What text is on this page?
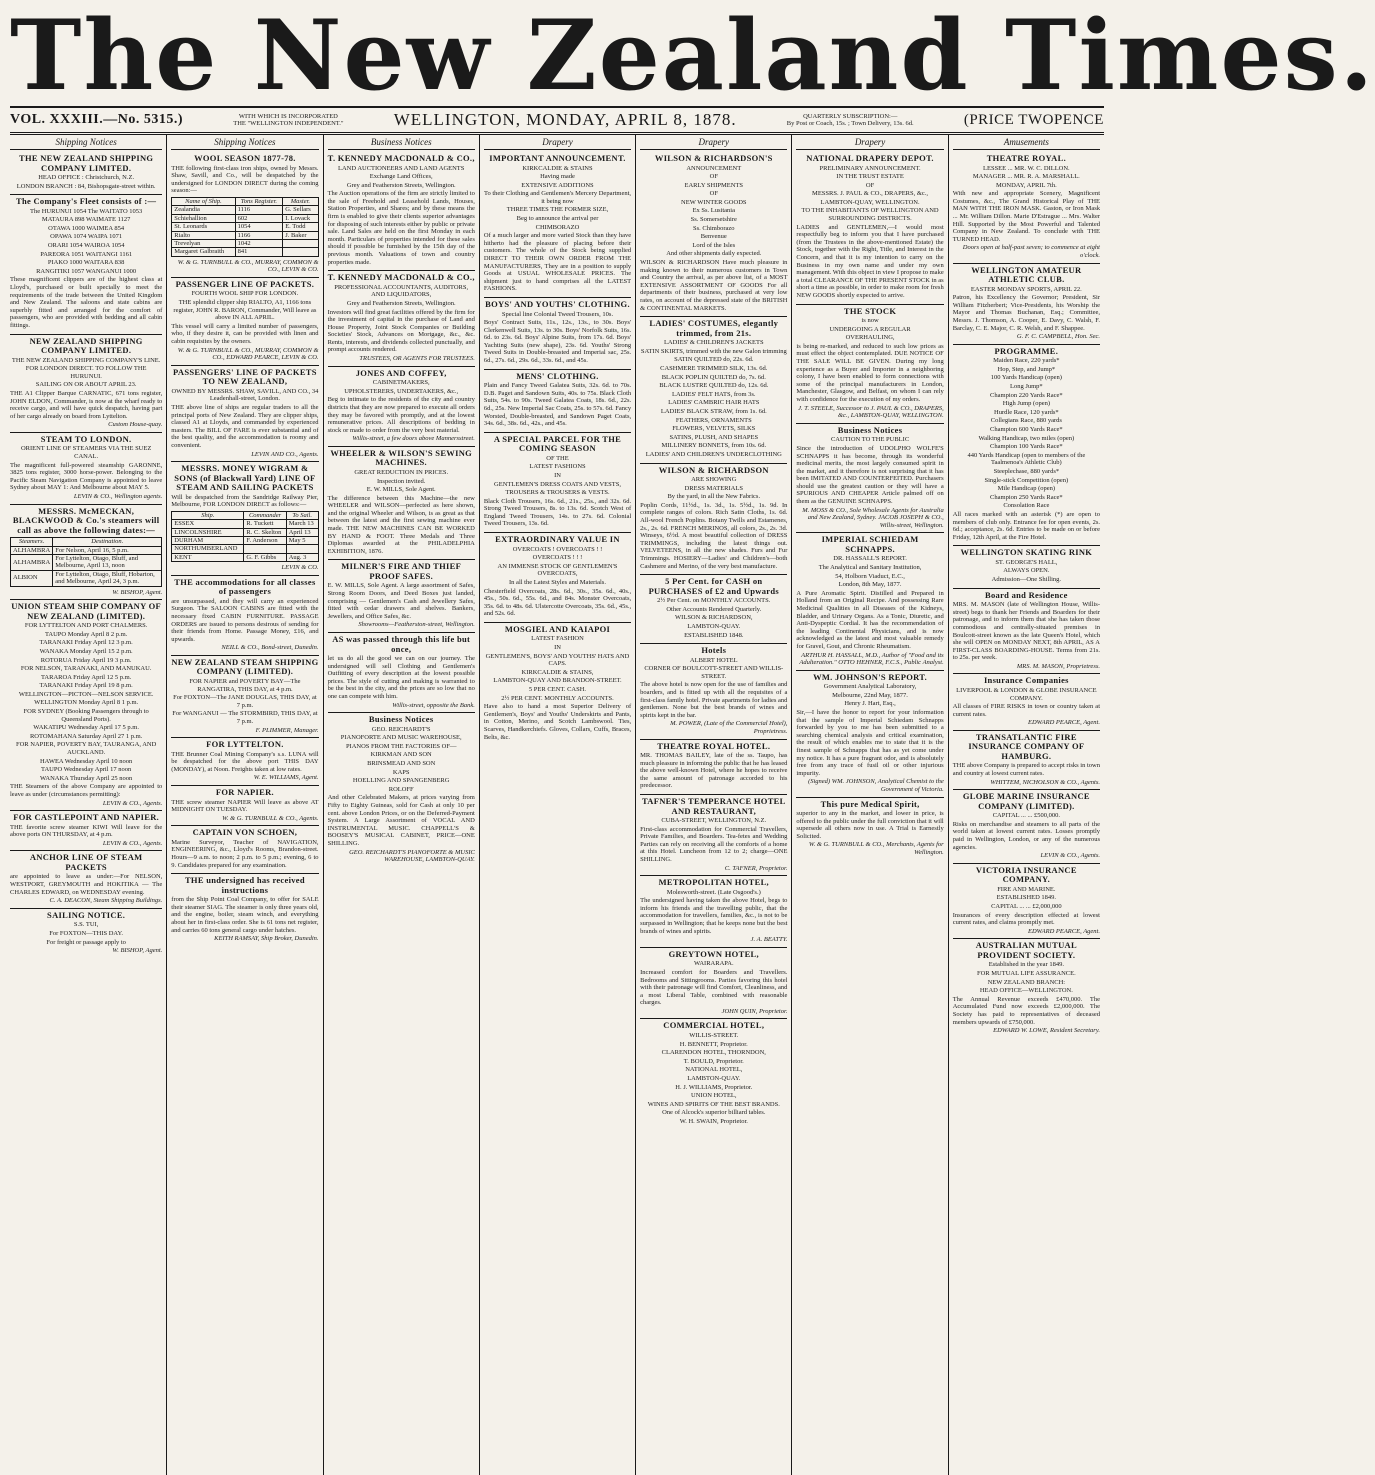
The New Zealand Times.
VOL. XXXIII.—No. 5315.)	WITH WHICH IS INCORPORATED
THE "WELLINGTON INDEPENDENT."	WELLINGTON, MONDAY, APRIL 8, 1878.	QUARTERLY SUBSCRIPTION:—
By Post or Coach, 15s. ; Town Delivery, 13s. 6d.	(PRICE TWOPENCE
Shipping Notices
THE NEW ZEALAND SHIPPING COMPANY LIMITED.
HEAD OFFICE : Christchurch, N.Z.
LONDON BRANCH : 84, Bishopsgate-street within.
The Company's Fleet consists of :—
The HURUNUI 1054 The WAITATO 1053
MATAURA 898 WAIMATE 1127
OTAWA 1000 WAIMEA 854
OPAWA 1074 WAIPA 1071
ORARI 1054 WAIROA 1054
PAREORA 1051 WAITANGI 1161
PIAKO 1000 WAITARA 838
RANGITIKI 1057 WANGANUI 1000
These magnificent clippers are of the highest class at Lloyd's, purchased or built specially to meet the requirements of the trade between the United Kingdom and New Zealand. The saloons and state cabins are superbly fitted and arranged for the comfort of passengers, who are provided with bedding and all cabin fittings.
NEW ZEALAND SHIPPING COMPANY LIMITED.
THE NEW ZEALAND SHIPPING COMPANY'S LINE.
FOR LONDON DIRECT. TO FOLLOW THE HURUNUI.
SAILING ON OR ABOUT APRIL 23.
THE A1 Clipper Barque CARNATIC, 671 tons register, JOHN ELDON, Commander, is now at the wharf ready to receive cargo, and will have quick despatch, having part of her cargo already on board from Lyttelton.
Custom House-quay.
STEAM TO LONDON.
ORIENT LINE OF STEAMERS VIA THE SUEZ CANAL.
The magnificent full-powered steamship GARONNE, 3825 tons register, 3000 horse-power. Belonging to the Pacific Steam Navigation Company is appointed to leave Sydney about MAY 1: And Melbourne about MAY 5.
LEVIN & CO., Wellington agents.
MESSRS. McMECKAN, BLACKWOOD & Co.'s steamers will call as above the following dates:—
Steamers.	Destination.
ALHAMBRA	For Nelson, April 16, 5 p.m.
ALHAMBRA	For Lyttelton, Otago, Bluff, and Melbourne, April 13, noon
ALBION	For Lyttelton, Otago, Bluff, Hobarton, and Melbourne, April 24, 3 p.m.
W. BISHOP, Agent.
UNION STEAM SHIP COMPANY OF NEW ZEALAND (LIMITED).
FOR LYTTELTON AND PORT CHALMERS.
TAUPO Monday April 8 2 p.m.
TARANAKI Friday April 12 3 p.m.
WANAKA Monday April 15 2 p.m.
ROTORUA Friday April 19 3 p.m.
FOR NELSON, TARANAKI, AND MANUKAU.
TARAROA Friday April 12 5 p.m.
TARANAKI Friday April 19 8 p.m.
WELLINGTON—PICTON—NELSON SERVICE.
WELLINGTON Monday April 8 1 p.m.
FOR SYDNEY (Booking Passengers through to Queensland Ports).
WAKATIPU Wednesday April 17 5 p.m.
ROTOMAHANA Saturday April 27 1 p.m.
FOR NAPIER, POVERTY BAY, TAURANGA, AND AUCKLAND.
HAWEA Wednesday April 10 noon
TAUPO Wednesday April 17 noon
WANAKA Thursday April 25 noon
THE Steamers of the above Company are appointed to leave as under (circumstances permitting):
LEVIN & CO., Agents.
FOR CASTLEPOINT AND NAPIER.
THE favorite screw steamer KIWI Will leave for the above ports ON THURSDAY, at 4 p.m.
LEVIN & CO., Agents.
ANCHOR LINE OF STEAM PACKETS
are appointed to leave as under:—For NELSON, WESTPORT, GREYMOUTH and HOKITIKA — The CHARLES EDWARD, on WEDNESDAY evening.
C. A. DEACON, Steam Shipping Buildings.
SAILING NOTICE.
S.S. TUI,
For FOXTON—THIS DAY.
For freight or passage apply to
W. BISHOP, Agent.
Shipping Notices
WOOL SEASON 1877-78.
THE following first-class iron ships, owned by Messrs. Shaw, Savill, and Co., will be despatched by the undersigned for LONDON DIRECT during the coming season:—
Name of Ship.	Tons Register.	Master.
Zealandia	1116	G. Sellars
Schiehallion	602	I. Lovack
St. Leonards	1054	E. Todd
Rialto	1166	J. Baker
Trevelyan	1042	
Margaret Galbraith	841	
W. & G. TURNBULL & CO., MURRAY, COMMON & CO., LEVIN & CO.
PASSENGER LINE OF PACKETS.
FOURTH WOOL SHIP FOR LONDON.
THE splendid clipper ship RIALTO, A1, 1166 tons register, JOHN R. BARON, Commander, Will leave as above IN ALL APRIL.
This vessel will carry a limited number of passengers, who, if they desire it, can be provided with linen and cabin requisites by the owners.
W. & G. TURNBULL & CO., MURRAY, COMMON & CO., EDWARD PEARCE, LEVIN & CO.
PASSENGERS' LINE OF PACKETS TO NEW ZEALAND,
OWNED BY MESSRS. SHAW, SAVILL, AND CO., 34 Leadenhall-street, London.
THE above line of ships are regular traders to all the principal ports of New Zealand. They are clipper ships, classed A1 at Lloyds, and commanded by experienced masters. The BILL OF FARE is ever substantial and of the best quality, and the accommodation is roomy and convenient.
LEVIN AND CO., Agents.
MESSRS. MONEY WIGRAM & SONS (of Blackwall Yard) LINE OF STEAM AND SAILING PACKETS
Will be despatched from the Sandridge Railway Pier, Melbourne, FOR LONDON DIRECT as follows:—
Ship.	Commander	To Sail.
ESSEX	R. Tuckett	March 13
LINCOLNSHIRE	R. C. Skelton	April 13
DURHAM	F. Anderson	May 5
NORTHUMBERLAND		
KENT	G. F. Gibbs	Aug. 3
LEVIN & CO.
THE accommodations for all classes of passengers
are unsurpassed, and they will carry an experienced Surgeon. The SALOON CABINS are fitted with the necessary fixed CABIN FURNITURE. PASSAGE ORDERS are issued to persons desirous of sending for their friends from Home. Passage Money, £16, and upwards.
NEILL & CO., Bond-street, Dunedin.
NEW ZEALAND STEAM SHIPPING COMPANY (LIMITED).
FOR NAPIER and POVERTY BAY—The RANGATIRA, THIS DAY, at 4 p.m.
For FOXTON—The JANE DOUGLAS, THIS DAY, at 7 p.m.
For WANGANUI — The STORMBIRD, THIS DAY, at 7 p.m.
F. PLIMMER, Manager.
FOR LYTTELTON.
THE Brunner Coal Mining Company's s.s. LUNA will be despatched for the above port THIS DAY (MONDAY), at Noon. Freights taken at low rates.
W. E. WILLIAMS, Agent.
FOR NAPIER.
THE screw steamer NAPIER Will leave as above AT MIDNIGHT ON TUESDAY.
W. & G. TURNBULL & CO., Agents.
CAPTAIN VON SCHOEN,
Marine Surveyor, Teacher of NAVIGATION, ENGINEERING, &c., Lloyd's Rooms, Brandon-street. Hours—9 a.m. to noon; 2 p.m. to 5 p.m.; evening, 6 to 9. Candidates prepared for any examination.
THE undersigned has received instructions
from the Ship Point Coal Company, to offer for SALE their steamer SIAG. The steamer is only three years old, and the engine, boiler, steam winch, and everything about her in first-class order. She is 61 tons net register, and carries 60 tons general cargo under hatches.
KEITH RAMSAY, Ship Broker, Dunedin.
Business Notices
T. KENNEDY MACDONALD & CO.,
LAND AUCTIONEERS AND LAND AGENTS
Exchange Land Offices,
Grey and Featherston Streets, Wellington.
The Auction operations of the firm are strictly limited to the sale of Freehold and Leasehold Lands, Houses, Station Properties, and Shares; and by these means the firm is enabled to give their clients superior advantages for disposing of such interests either by public or private sale. Land Sales are held on the first Monday in each month. Particulars of properties intended for these sales should if possible be furnished by the 15th day of the previous month. Valuations of town and country properties made.
T. KENNEDY MACDONALD & CO.,
PROFESSIONAL ACCOUNTANTS, AUDITORS, AND LIQUIDATORS,
Grey and Featherston Streets, Wellington.
Investors will find great facilities offered by the firm for the investment of capital in the purchase of Land and House Property, Joint Stock Companies or Building Societies' Stock, Advances on Mortgage, &c., &c. Rents, interests, and dividends collected punctually, and prompt accounts rendered.
TRUSTEES, OR AGENTS FOR TRUSTEES.
JONES AND COFFEY,
CABINETMAKERS,
UPHOLSTERERS, UNDERTAKERS, &c.,
Beg to intimate to the residents of the city and country districts that they are now prepared to execute all orders they may be favored with promptly, and at the lowest remunerative prices. All descriptions of bedding in stock or made to order from the very best material.
Willis-street, a few doors above Mannersstreet.
WHEELER & WILSON'S SEWING MACHINES.
GREAT REDUCTION IN PRICES.
Inspection invited.
E. W. MILLS, Sole Agent.
The difference between this Machine—the new WHEELER and WILSON—perfected as here shown, and the original Wheeler and Wilson, is as great as that between the latest and the first sewing machine ever made. THE NEW MACHINES CAN BE WORKED BY HAND & FOOT. Three Medals and Three Diplomas awarded at the PHILADELPHIA EXHIBITION, 1876.
MILNER'S FIRE AND THIEF PROOF SAFES.
E. W. MILLS, Sole Agent. A large assortment of Safes, Strong Room Doors, and Deed Boxes just landed, comprising — Gentlemen's Cash and Jewellery Safes, fitted with cedar drawers and shelves. Bankers, Jewellers, and Office Safes, &c.
Showrooms—Featherston-street, Wellington.
AS was passed through this life but once,
let us do all the good we can on our journey. The undersigned will sell Clothing and Gentlemen's Outfitting of every description at the lowest possible prices. The style of cutting and making is warranted to be the best in the city, and the prices are so low that no one can compete with him.
Willis-street, opposite the Bank.
Business Notices
GEO. REICHARDT'S
PIANOFORTE AND MUSIC WAREHOUSE,
PIANOS FROM THE FACTORIES OF—
KIRKMAN AND SON
BRINSMEAD AND SON
KAPS
HOELLING AND SPANGENBERG
ROLOFF
And other Celebrated Makers, at prices varying from Fifty to Eighty Guineas, sold for Cash at only 10 per cent. above London Prices, or on the Deferred-Payment System. A Large Assortment of VOCAL AND INSTRUMENTAL MUSIC. CHAPPELL'S & BOOSEY'S MUSICAL CABINET, PRICE—ONE SHILLING.
GEO. REICHARDT'S PIANOFORTE & MUSIC WAREHOUSE, LAMBTON-QUAY.
Drapery
IMPORTANT ANNOUNCEMENT.
KIRKCALDIE & STAINS
Having made
EXTENSIVE ADDITIONS
To their Clothing and Gentlemen's Mercery Department, it being now
THREE TIMES THE FORMER SIZE,
Beg to announce the arrival per
CHIMBORAZO
Of a much larger and more varied Stock than they have hitherto had the pleasure of placing before their customers. The whole of the Stock being supplied DIRECT TO THEIR OWN ORDER FROM THE MANUFACTURERS, They are in a position to supply Goods at USUAL WHOLESALE PRICES. The shipment just to hand comprises all the LATEST FASHIONS.
BOYS' AND YOUTHS' CLOTHING.
Special line Colonial Tweed Trousers, 10s.
Boys' Contract Suits, 11s., 12s., 13s., to 30s. Boys' Clerkenwell Suits, 13s. to 30s. Boys' Norfolk Suits, 16s. 6d. to 23s. 6d. Boys' Alpine Suits, from 17s. 6d. Boys' Yachting Suits (new shape), 23s. 6d. Youths' Strong Tweed Suits in Double-breasted and Imperial sac, 25s. 6d., 27s. 6d., 29s. 6d., 33s. 6d., and 45s.
MENS' CLOTHING.
Plain and Fancy Tweed Galatea Suits, 32s. 6d. to 70s. D.B. Paget and Sandown Suits, 40s. to 75s. Black Cloth Suits, 54s. to 90s. Tweed Galatea Coats, 18s. 6d., 22s. 6d., 25s. New Imperial Sac Coats, 25s. to 57s. 6d. Fancy Worsted, Double-breasted, and Sandown Paget Coats, 34s. 6d., 38s. 6d., 42s., and 45s.
A SPECIAL PARCEL FOR THE COMING SEASON
OF THE
LATEST FASHIONS
IN
GENTLEMEN'S DRESS COATS AND VESTS,
TROUSERS & TROUSERS & VESTS.
Black Cloth Trousers, 16s. 6d., 21s., 25s., and 32s. 6d. Strong Tweed Trousers, 8s. to 13s. 6d. Scotch West of England Tweed Trousers, 14s. to 27s. 6d. Colonial Tweed Trousers, 13s. 6d.
EXTRAORDINARY VALUE IN
OVERCOATS ! OVERCOATS ! !
OVERCOATS ! ! !
AN IMMENSE STOCK OF GENTLEMEN'S OVERCOATS,
In all the Latest Styles and Materials.
Chesterfield Overcoats, 28s. 6d., 30s., 35s. 6d., 40s., 45s., 50s. 6d., 55s. 6d., and 84s. Monster Overcoats, 35s. 6d. to 48s. 6d. Ulstercotte Overcoats, 35s. 6d., 45s., and 52s. 6d.
MOSGIEL AND KAIAPOI
LATEST FASHION
IN
GENTLEMEN'S, BOYS' AND YOUTHS' HATS AND CAPS.
KIRKCALDIE & STAINS,
LAMBTON-QUAY AND BRANDON-STREET.
5 PER CENT. CASH.
2½ PER CENT. MONTHLY ACCOUNTS.
Have also to hand a most Superior Delivery of Gentlemen's, Boys' and Youths' Underskirts and Pants, in Cotton, Merino, and Scotch Lambswool. Ties, Scarves, Handkerchiefs. Gloves, Collars, Cuffs, Braces, Belts, &c.
Drapery
WILSON & RICHARDSON'S
ANNOUNCEMENT
OF
EARLY SHIPMENTS
OF
NEW WINTER GOODS
Ex Ss. Lusitania
Ss. Somersetshire
Ss. Chimborazo
Benvenue
Lord of the Isles
And other shipments daily expected.
WILSON & RICHARDSON Have much pleasure in making known to their numerous customers in Town and Country the arrival, as per above list, of a MOST EXTENSIVE ASSORTMENT OF GOODS For all departments of their business, purchased at very low rates, on account of the depressed state of the BRITISH & CONTINENTAL MARKETS.
LADIES' COSTUMES, elegantly trimmed, from 21s.
LADIES' & CHILDREN'S JACKETS
SATIN SKIRTS, trimmed with the new Galon trimming
SATIN QUILTED do, 22s. 6d.
CASHMERE TRIMMED SILK, 13s. 6d.
BLACK POPLIN QUILTED do, 7s. 6d.
BLACK LUSTRE QUILTED do, 12s. 6d.
LADIES' FELT HATS, from 3s.
LADIES' CAMBRIC HAIR HATS
LADIES' BLACK STRAW, from 1s. 6d.
FEATHERS, ORNAMENTS
FLOWERS, VELVETS, SILKS
SATINS, PLUSH, AND SHAPES
MILLINERY BONNETS, from 10s. 6d.
LADIES' AND CHILDREN'S UNDERCLOTHING
WILSON & RICHARDSON
ARE SHOWING
DRESS MATERIALS
By the yard, in all the New Fabrics.
Poplin Cords, 11½d., 1s. 3d., 1s. 5½d., 1s. 9d. In complete ranges of colors. Rich Satin Cloths, 1s. 6d. All-wool French Poplins. Botany Twills and Estamenes, 2s., 2s. 6d. FRENCH MERINOS, all colors, 2s., 2s. 3d. Winseys, 6½d. A most beautiful collection of DRESS TRIMMINGS, including the latest things out. VELVETEENS, in all the new shades. Furs and Fur Trimmings. HOSIERY—Ladies' and Children's—both Cashmere and Merino, of the very best manufacture.
5 Per Cent. for CASH on PURCHASES of £2 and Upwards
2½ Per Cent. on MONTHLY ACCOUNTS.
Other Accounts Rendered Quarterly.
WILSON & RICHARDSON,
LAMBTON-QUAY.
ESTABLISHED 1848.
Hotels
ALBERT HOTEL
CORNER OF BOULCOTT-STREET AND WILLIS-STREET.
The above hotel is now open for the use of families and boarders, and is fitted up with all the requisites of a first-class family hotel. Private apartments for ladies and gentlemen. None but the best brands of wines and spirits kept in the bar.
M. POWER, (Late of the Commercial Hotel), Proprietress.
THEATRE ROYAL HOTEL.
MR. THOMAS BAILEY, late of the ss. Taupo, has much pleasure in informing the public that he has leased the above well-known Hotel, where he hopes to receive the same amount of patronage accorded to his predecessor.
TAFNER'S TEMPERANCE HOTEL AND RESTAURANT,
CUBA-STREET, WELLINGTON, N.Z.
First-class accommodation for Commercial Travellers, Private Families, and Boarders. Tea-fetes and Wedding Parties can rely on receiving all the comforts of a home at this Hotel. Luncheon from 12 to 2; charge—ONE SHILLING.
C. TAFNER, Proprietor.
METROPOLITAN HOTEL,
Molesworth-street. (Late Osgood's.)
The undersigned having taken the above Hotel, begs to inform his friends and the travelling public, that the accommodation for travellers, families, &c., is not to be surpassed in Wellington; that he keeps none but the best brands of wines and spirits.
J. A. BEATTY.
GREYTOWN HOTEL,
WAIRARAPA.
Increased comfort for Boarders and Travellers. Bedrooms and Sittingrooms. Parties favoring this hotel with their patronage will find Comfort, Cleanliness, and a most Liberal Table, combined with reasonable charges.
JOHN QUIN, Proprietor.
COMMERCIAL HOTEL,
WILLIS-STREET.
H. BENNETT, Proprietor.
CLARENDON HOTEL, THORNDON,
T. BOULD, Proprietor.
NATIONAL HOTEL,
LAMBTON-QUAY.
H. J. WILLIAMS, Proprietor.
UNION HOTEL,
WINES AND SPIRITS OF THE BEST BRANDS.
One of Alcock's superior billiard tables.
W. H. SWAIN, Proprietor.
Drapery
NATIONAL DRAPERY DEPOT.
PRELIMINARY ANNOUNCEMENT.
IN THE TRUST ESTATE
OF
MESSRS. J. PAUL & CO., DRAPERS, &c.,
LAMBTON-QUAY, WELLINGTON.
TO THE INHABITANTS OF WELLINGTON AND SURROUNDING DISTRICTS.
LADIES and GENTLEMEN,—I would most respectfully beg to inform you that I have purchased (from the Trustees in the above-mentioned Estate) the Stock, together with the Right, Title, and Interest in the Concern, and that it is my intention to carry on the Business in my own name and under my own management. With this object in view I propose to make a total CLEARANCE OF THE PRESENT STOCK in as short a time as possible, in order to make room for fresh NEW GOODS shortly expected to arrive.
THE STOCK
is now
UNDERGOING A REGULAR
OVERHAULING,
is being re-marked, and reduced to such low prices as must effect the object contemplated. DUE NOTICE OF THE SALE WILL BE GIVEN. During my long experience as a Buyer and Importer in a neighboring colony, I have been enabled to form connections with some of the principal manufacturers in London, Manchester, Glasgow, and Belfast, on whom I can rely with confidence for the execution of my orders.
J. T. STEELE, Successor to J. PAUL & CO., DRAPERS, &c., LAMBTON-QUAY, WELLINGTON.
Business Notices
CAUTION TO THE PUBLIC
Since the introduction of UDOLPHO WOLFE'S SCHNAPPS it has become, through its wonderful medicinal merits, the most largely consumed spirit in the market, and it therefore is not surprising that it has been IMITATED AND COUNTERFEITED. Purchasers should use the greatest caution or they will have a SPURIOUS AND CHEAPER Article palmed off on them as the GENUINE SCHNAPPS.
M. MOSS & CO., Sole Wholesale Agents for Australia and New Zealand, Sydney. JACOB JOSEPH & CO., Willis-street, Wellington.
IMPERIAL SCHIEDAM SCHNAPPS.
DR. HASSALL'S REPORT.
The Analytical and Sanitary Institution,
54, Holborn Viaduct, E.C.,
London, 8th May, 1877.
A Pure Aromatic Spirit. Distilled and Prepared in Holland from an Original Recipe. And possessing Rare Medicinal Qualities in all Diseases of the Kidneys, Bladder, and Urinary Organs. As a Tonic, Diuretic, and Anti-Dyspeptic Cordial. It has the recommendation of the leading Continental Physicians, and is now acknowledged as the latest and most valuable remedy for Gravel, Gout, and Chronic Rheumatism.
ARTHUR H. HASSALL, M.D., Author of "Food and its Adulteration." OTTO HEHNER, F.C.S., Public Analyst.
WM. JOHNSON'S REPORT.
Government Analytical Laboratory,
Melbourne, 22nd May, 1877.
Henry J. Hart, Esq.,
Sir,—I have the honor to report for your information that the sample of Imperial Schiedam Schnapps forwarded by you to me has been submitted to a searching chemical analysis and critical examination, the result of which enables me to state that it is the finest sample of Schnapps that has as yet come under my notice. It has a pure fragrant odor, and is absolutely free from any trace of fusil oil or other injurious impurity.
(Signed) WM. JOHNSON, Analytical Chemist to the Government of Victoria.
This pure Medical Spirit,
superior to any in the market, and lower in price, is offered to the public under the full conviction that it will supersede all others now in use. A Trial is Earnestly Solicited.
W. & G. TURNBULL & CO., Merchants, Agents for Wellington.
Amusements
THEATRE ROYAL.
LESSEE ... MR. W. C. DILLON.
MANAGER ... MR. R. A. MARSHALL.
MONDAY, APRIL 7th.
With new and appropriate Scenery, Magnificent Costumes, &c., The Grand Historical Play of THE MAN WITH THE IRON MASK. Gaston, or Iron Mask ... Mr. William Dillon. Marie D'Estrague ... Mrs. Walter Hill. Supported by the Most Powerful and Talented Company in New Zealand. To conclude with THE TURNED HEAD.
Doors open at half-past seven; to commence at eight o'clock.
WELLINGTON AMATEUR ATHLETIC CLUB.
EASTER MONDAY SPORTS, APRIL 22.
Patron, his Excellency the Governor; President, Sir William Fitzherbert; Vice-Presidents, his Worship the Mayor and Thomas Buchanan, Esq.; Committee, Messrs. J. Thomson, A. Cooper, E. Davy, C. Walsh, F. Barclay, C. E. Major, C. R. Welsh, and F. Shappee.
G. F. C. CAMPBELL, Hon. Sec.
PROGRAMME.
Maiden Race, 220 yards*
Hop, Step, and Jump*
100 Yards Handicap (open)
Long Jump*
Champion 220 Yards Race*
High Jump (open)
Hurdle Race, 120 yards*
Collegians Race, 880 yards
Champion 600 Yards Race*
Walking Handicap, two miles (open)
Champion 100 Yards Race*
440 Yards Handicap (open to members of the Taalmenoa's Athletic Club)
Steeplechase, 880 yards*
Single-stick Competition (open)
Mile Handicap (open)
Champion 250 Yards Race*
Consolation Race
All races marked with an asterisk (*) are open to members of club only. Entrance fee for open events, 2s. 6d.; acceptance, 2s. 6d. Entries to be made on or before Friday, 12th April, at the Fire Hotel.
WELLINGTON SKATING RINK
ST. GEORGE'S HALL,
ALWAYS OPEN.
Admission—One Shilling.
Board and Residence
MRS. M. MASON (late of Wellington House, Willis-street) begs to thank her Friends and Boarders for their patronage, and to inform them that she has taken those commodious and centrally-situated premises in Boulcott-street known as the late Queen's Hotel, which she will OPEN on MONDAY NEXT, 8th APRIL, AS A FIRST-CLASS BOARDING-HOUSE. Terms from 21s. to 25s. per week.
MRS. M. MASON, Proprietress.
Insurance Companies
LIVERPOOL & LONDON & GLOBE INSURANCE COMPANY.
All classes of FIRE RISKS in town or country taken at current rates.
EDWARD PEARCE, Agent.
TRANSATLANTIC FIRE INSURANCE COMPANY OF HAMBURG.
THE above Company is prepared to accept risks in town and country at lowest current rates.
WHITTEM, NICHOLSON & CO., Agents.
GLOBE MARINE INSURANCE COMPANY (LIMITED).
CAPITAL ... ... £500,000.
Risks on merchandise and steamers to all parts of the world taken at lowest current rates. Losses promptly paid in Wellington, London, or any of the numerous agencies.
LEVIN & CO., Agents.
VICTORIA INSURANCE COMPANY.
FIRE AND MARINE.
ESTABLISHED 1849.
CAPITAL ... ... £2,000,000
Insurances of every description effected at lowest current rates, and claims promptly met.
EDWARD PEARCE, Agent.
AUSTRALIAN MUTUAL PROVIDENT SOCIETY.
Established in the year 1849.
FOR MUTUAL LIFE ASSURANCE.
NEW ZEALAND BRANCH:
HEAD OFFICE—WELLINGTON.
The Annual Revenue exceeds £470,000. The Accumulated Fund now exceeds £2,000,000. The Society has paid to representatives of deceased members upwards of £750,000.
EDWARD W. LOWE, Resident Secretary.
